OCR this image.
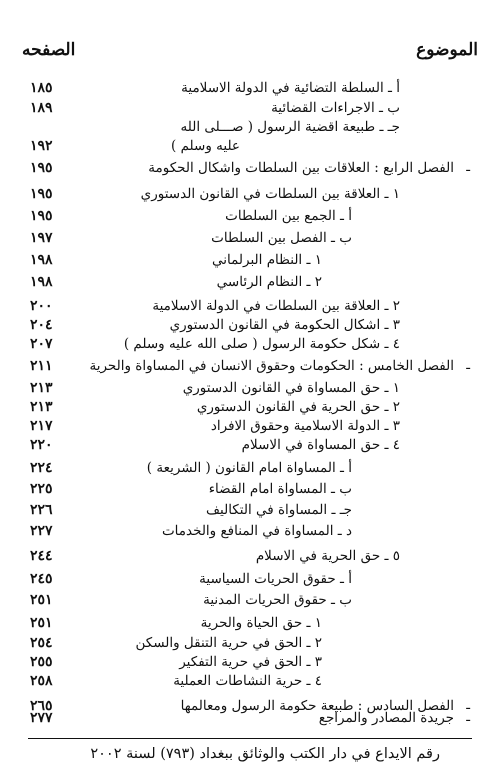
الموضوع
الصفحه
أ ـ السلطة التضائية في الدولة الاسلامية
١٨٥
ب ـ الاجراءات القضائية
١٨٩
جـ ـ طبيعة اقضية الرسول ( صـــلى الله
عليه وسلم )
١٩٢
ـ
الفصل الرابع : العلاقات بين السلطات واشكال الحكومة
١٩٥
١ ـ العلاقة بين السلطات في القانون الدستوري
١٩٥
أ ـ الجمع بين السلطات
١٩٥
ب ـ الفصل بين السلطات
١٩٧
١ ـ النظام البرلماني
١٩٨
٢ ـ النظام الرئاسي
١٩٨
٢ ـ العلاقة بين السلطات في الدولة الاسلامية
٢٠٠
٣ ـ اشكال الحكومة في القانون الدستوري
٢٠٤
٤ ـ شكل حكومة الرسول ( صلى الله عليه وسلم )
٢٠٧
ـ
الفصل الخامس : الحكومات وحقوق الانسان في المساواة والحرية
٢١١
١ ـ حق المساواة في القانون الدستوري
٢١٣
٢ ـ حق الحرية في القانون الدستوري
٢١٣
٣ ـ الدولة الاسلامية وحقوق الافراد
٢١٧
٤ ـ حق المساواة في الاسلام
٢٢٠
أ ـ المساواة امام القانون ( الشريعة )
٢٢٤
ب ـ المساواة امام القضاء
٢٢٥
جـ ـ المساواة في التكاليف
٢٢٦
د ـ المساواة في المنافع والخدمات
٢٢٧
٥ ـ حق الحرية في الاسلام
٢٤٤
أ ـ حقوق الحريات السياسية
٢٤٥
ب ـ حقوق الحريات المدنية
٢٥١
١ ـ حق الحياة والحرية
٢٥١
٢ ـ الحق في حرية التنقل والسكن
٢٥٤
٣ ـ الحق في حرية التفكير
٢٥٥
٤ ـ حرية النشاطات العملية
٢٥٨
ـ
الفصل السادس : طبيعة حكومة الرسول ومعالمها
٢٦٥
ـ
جريدة المصادر والمراجع
٢٧٧
رقم الايداع في دار الكتب والوثائق ببغداد (٧٩٣) لسنة ٢٠٠٢
